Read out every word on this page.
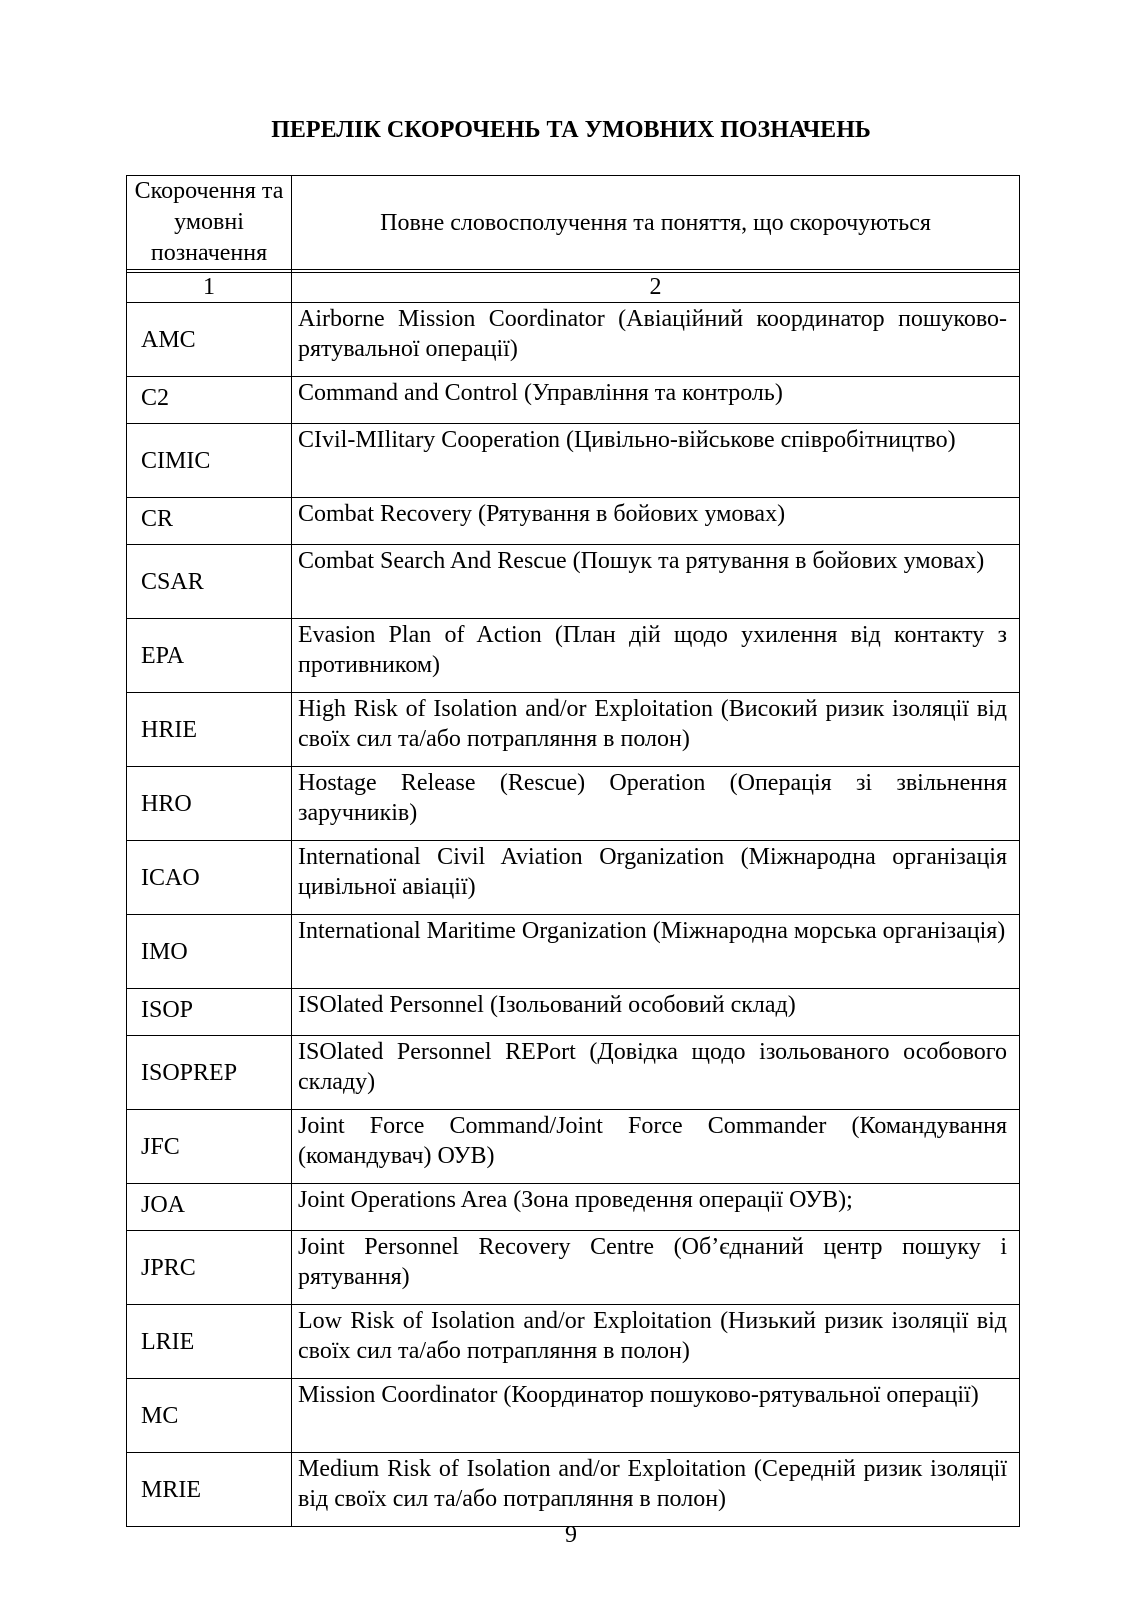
ПЕРЕЛІК СКОРОЧЕНЬ ТА УМОВНИХ ПОЗНАЧЕНЬ
Скорочення та умовні позначення	Повне словосполучення та поняття, що скорочуються

1	2
AMC	Airborne Mission Coordinator (Авіаційний координатор пошуково-рятувальної операції)
C2	Command and Control (Управління та контроль)
CIMIC	CIvil-MIlitary Cooperation (Цивільно-військове співробітництво)
CR	Combat Recovery (Рятування в бойових умовах)
CSAR	Combat Search And Rescue (Пошук та рятування в бойових умовах)
EPA	Evasion Plan of Action (План дій щодо ухилення від контакту з противником)
HRIE	High Risk of Isolation and/or Exploitation (Високий ризик ізоляції від своїх сил та/або потрапляння в полон)
HRO	Hostage Release (Rescue) Operation (Операція зі звільнення заручників)
ICAO	International Civil Aviation Organization (Міжнародна організація цивільної авіації)
IMO	International Maritime Organization (Міжнародна морська організація)
ISOP	ISOlated Personnel (Ізольований особовий склад)
ISOPREP	ISOlated Personnel REPort (Довідка щодо ізольованого особового складу)
JFC	Joint Force Command/Joint Force Commander (Командування (командувач) ОУВ)
JOA	Joint Operations Area (Зона проведення операції ОУВ);
JPRC	Joint Personnel Recovery Centre (Об’єднаний центр пошуку і рятування)
LRIE	Low Risk of Isolation and/or Exploitation (Низький ризик ізоляції від своїх сил та/або потрапляння в полон)
MC	Mission Coordinator (Координатор пошуково-рятувальної операції)
MRIE	Medium Risk of Isolation and/or Exploitation (Середній ризик ізоляції від своїх сил та/або потрапляння в полон)
9
